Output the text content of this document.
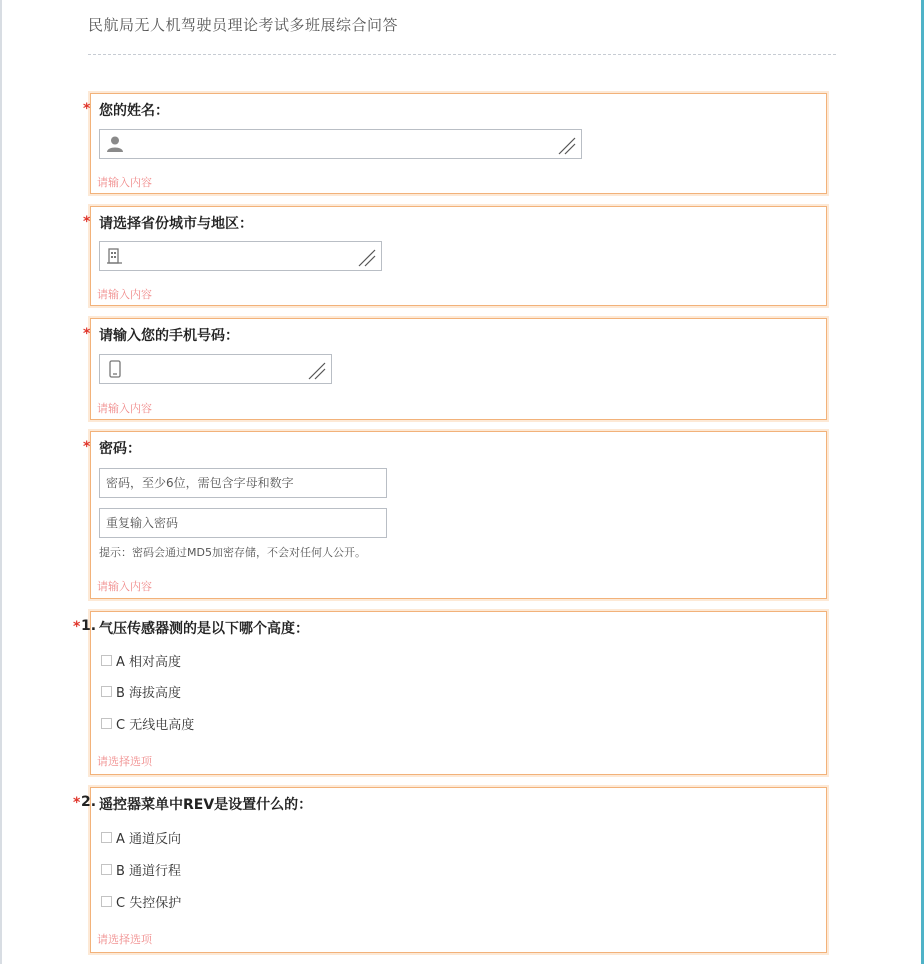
民航局无人机驾驶员理论考试多班展综合问答
* 您的姓名：
请输入内容
* 请选择省份城市与地区：
请输入内容
* 请输入您的手机号码：
请输入内容
* 密码：
密码，至少6位，需包含字母和数字
重复输入密码
提示：密码会通过MD5加密存储，不会对任何人公开。
请输入内容
* 1. 气压传感器测的是以下哪个高度：
A 相对高度
B 海拔高度
C 无线电高度
请选择选项
* 2. 遥控器菜单中REV是设置什么的：
A 通道反向
B 通道行程
C 失控保护
请选择选项
